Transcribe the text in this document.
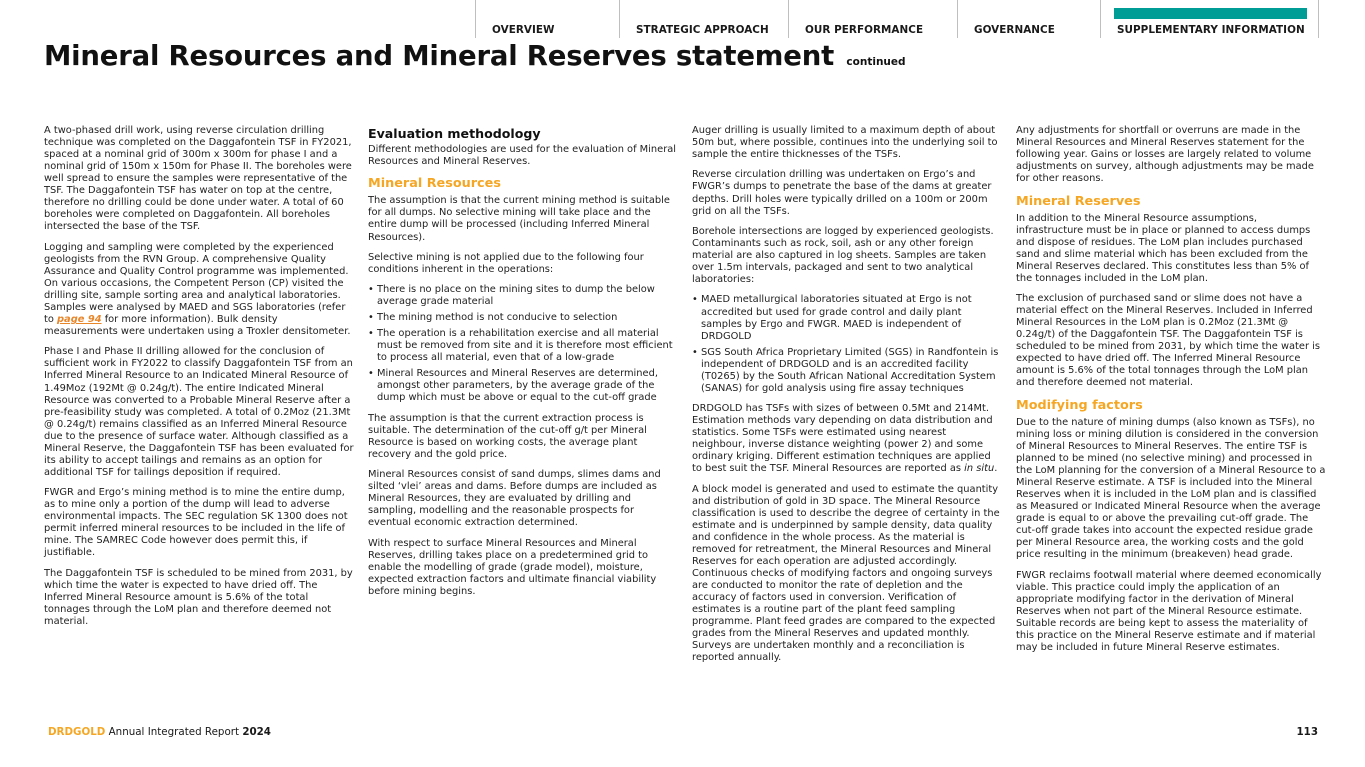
OVERVIEW	STRATEGIC APPROACH	OUR PERFORMANCE	GOVERNANCE	SUPPLEMENTARY INFORMATION
Mineral Resources and Mineral Reserves statement continued

A two-phased drill work, using reverse circulation drilling technique was completed on the Daggafontein TSF in FY2021, spaced at a nominal grid of 300m x 300m for phase I and a nominal grid of 150m x 150m for Phase II. The boreholes were well spread to ensure the samples were representative of the TSF. The Daggafontein TSF has water on top at the centre, therefore no drilling could be done under water. A total of 60 boreholes were completed on Daggafontein. All boreholes intersected the base of the TSF.

Logging and sampling were completed by the experienced geologists from the RVN Group. A comprehensive Quality Assurance and Quality Control programme was implemented. On various occasions, the Competent Person (CP) visited the drilling site, sample sorting area and analytical laboratories. Samples were analysed by MAED and SGS laboratories (refer to page 94 for more information). Bulk density measurements were undertaken using a Troxler densitometer.

Phase I and Phase II drilling allowed for the conclusion of sufficient work in FY2022 to classify Daggafontein TSF from an Inferred Mineral Resource to an Indicated Mineral Resource of 1.49Moz (192Mt @ 0.24g/t). The entire Indicated Mineral Resource was converted to a Probable Mineral Reserve after a pre-feasibility study was completed. A total of 0.2Moz (21.3Mt @ 0.24g/t) remains classified as an Inferred Mineral Resource due to the presence of surface water. Although classified as a Mineral Reserve, the Daggafontein TSF has been evaluated for its ability to accept tailings and remains as an option for additional TSF for tailings deposition if required.

FWGR and Ergo’s mining method is to mine the entire dump, as to mine only a portion of the dump will lead to adverse environmental impacts. The SEC regulation SK 1300 does not permit inferred mineral resources to be included in the life of mine. The SAMREC Code however does permit this, if justifiable.

The Daggafontein TSF is scheduled to be mined from 2031, by which time the water is expected to have dried off. The Inferred Mineral Resource amount is 5.6% of the total tonnages through the LoM plan and therefore deemed not material.

Evaluation methodology

Different methodologies are used for the evaluation of Mineral Resources and Mineral Reserves.

Mineral Resources

The assumption is that the current mining method is suitable for all dumps. No selective mining will take place and the entire dump will be processed (including Inferred Mineral Resources).

Selective mining is not applied due to the following four conditions inherent in the operations:

• There is no place on the mining sites to dump the below average grade material
• The mining method is not conducive to selection
• The operation is a rehabilitation exercise and all material must be removed from site and it is therefore most efficient to process all material, even that of a low-grade
• Mineral Resources and Mineral Reserves are determined, amongst other parameters, by the average grade of the dump which must be above or equal to the cut-off grade

The assumption is that the current extraction process is suitable. The determination of the cut-off g/t per Mineral Resource is based on working costs, the average plant recovery and the gold price.

Mineral Resources consist of sand dumps, slimes dams and silted ‘vlei’ areas and dams. Before dumps are included as Mineral Resources, they are evaluated by drilling and sampling, modelling and the reasonable prospects for eventual economic extraction determined.

With respect to surface Mineral Resources and Mineral Reserves, drilling takes place on a predetermined grid to enable the modelling of grade (grade model), moisture, expected extraction factors and ultimate financial viability before mining begins.

Auger drilling is usually limited to a maximum depth of about 50m but, where possible, continues into the underlying soil to sample the entire thicknesses of the TSFs.

Reverse circulation drilling was undertaken on Ergo’s and FWGR’s dumps to penetrate the base of the dams at greater depths. Drill holes were typically drilled on a 100m or 200m grid on all the TSFs.

Borehole intersections are logged by experienced geologists. Contaminants such as rock, soil, ash or any other foreign material are also captured in log sheets. Samples are taken over 1.5m intervals, packaged and sent to two analytical laboratories:

• MAED metallurgical laboratories situated at Ergo is not accredited but used for grade control and daily plant samples by Ergo and FWGR. MAED is independent of DRDGOLD
• SGS South Africa Proprietary Limited (SGS) in Randfontein is independent of DRDGOLD and is an accredited facility (T0265) by the South African National Accreditation System (SANAS) for gold analysis using fire assay techniques

DRDGOLD has TSFs with sizes of between 0.5Mt and 214Mt. Estimation methods vary depending on data distribution and statistics. Some TSFs were estimated using nearest neighbour, inverse distance weighting (power 2) and some ordinary kriging. Different estimation techniques are applied to best suit the TSF. Mineral Resources are reported as in situ.

A block model is generated and used to estimate the quantity and distribution of gold in 3D space. The Mineral Resource classification is used to describe the degree of certainty in the estimate and is underpinned by sample density, data quality and confidence in the whole process. As the material is removed for retreatment, the Mineral Resources and Mineral Reserves for each operation are adjusted accordingly. Continuous checks of modifying factors and ongoing surveys are conducted to monitor the rate of depletion and the accuracy of factors used in conversion. Verification of estimates is a routine part of the plant feed sampling programme. Plant feed grades are compared to the expected grades from the Mineral Reserves and updated monthly. Surveys are undertaken monthly and a reconciliation is reported annually.

Any adjustments for shortfall or overruns are made in the Mineral Resources and Mineral Reserves statement for the following year. Gains or losses are largely related to volume adjustments on survey, although adjustments may be made for other reasons.

Mineral Reserves

In addition to the Mineral Resource assumptions, infrastructure must be in place or planned to access dumps and dispose of residues. The LoM plan includes purchased sand and slime material which has been excluded from the Mineral Reserves declared. This constitutes less than 5% of the tonnages included in the LoM plan.

The exclusion of purchased sand or slime does not have a material effect on the Mineral Reserves. Included in Inferred Mineral Resources in the LoM plan is 0.2Moz (21.3Mt @ 0.24g/t) of the Daggafontein TSF. The Daggafontein TSF is scheduled to be mined from 2031, by which time the water is expected to have dried off. The Inferred Mineral Resource amount is 5.6% of the total tonnages through the LoM plan and therefore deemed not material.

Modifying factors

Due to the nature of mining dumps (also known as TSFs), no mining loss or mining dilution is considered in the conversion of Mineral Resources to Mineral Reserves. The entire TSF is planned to be mined (no selective mining) and processed in the LoM planning for the conversion of a Mineral Resource to a Mineral Reserve estimate. A TSF is included into the Mineral Reserves when it is included in the LoM plan and is classified as Measured or Indicated Mineral Resource when the average grade is equal to or above the prevailing cut-off grade. The cut-off grade takes into account the expected residue grade per Mineral Resource area, the working costs and the gold price resulting in the minimum (breakeven) head grade.

FWGR reclaims footwall material where deemed economically viable. This practice could imply the application of an appropriate modifying factor in the derivation of Mineral Reserves when not part of the Mineral Resource estimate. Suitable records are being kept to assess the materiality of this practice on the Mineral Reserve estimate and if material may be included in future Mineral Reserve estimates.

DRDGOLD Annual Integrated Report 2024	113
